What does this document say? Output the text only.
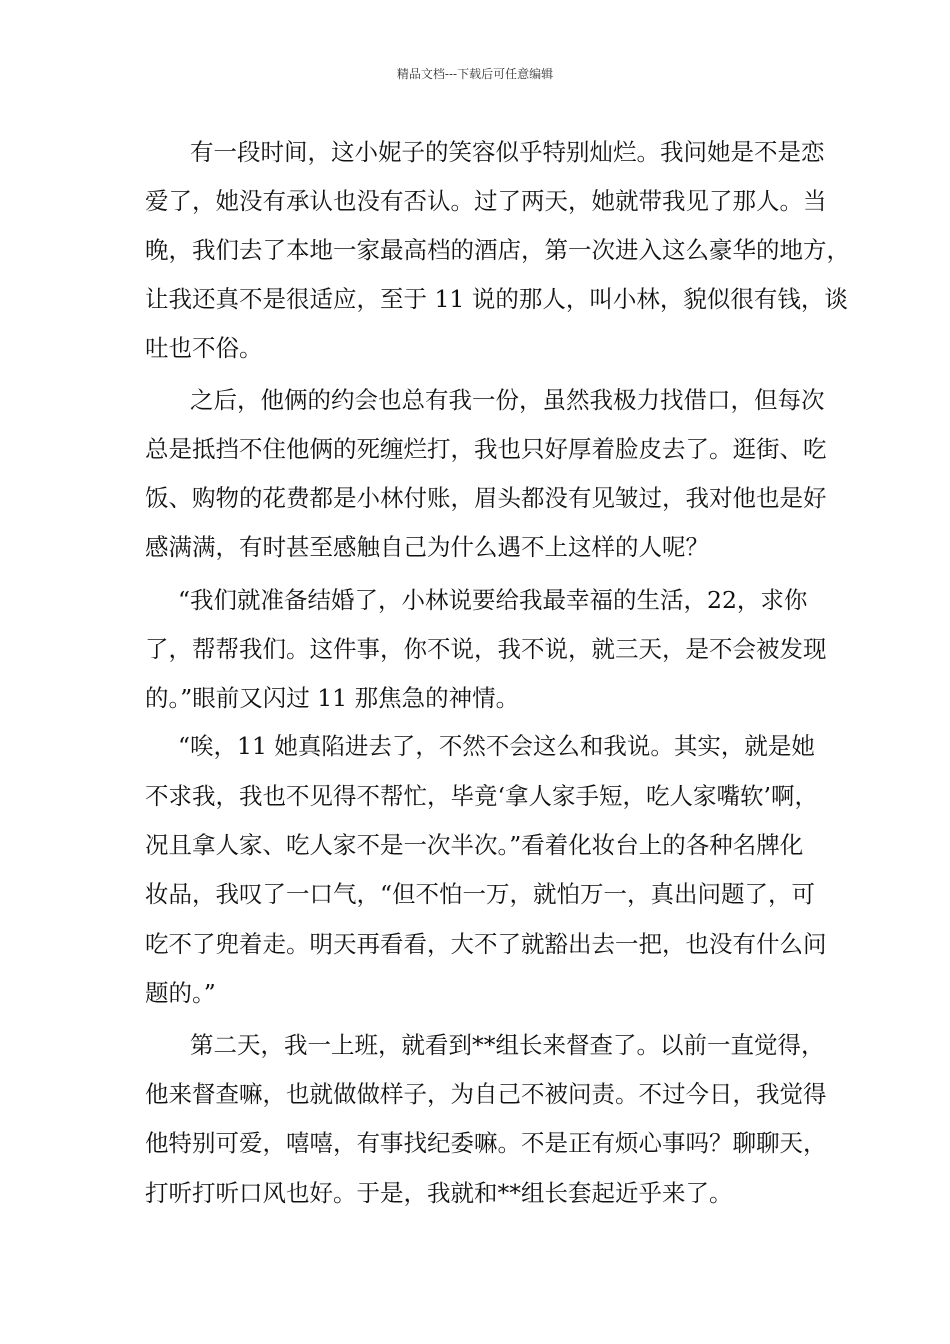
精品文档---下载后可任意编辑
有一段时间，这小妮子的笑容似乎特别灿烂。我问她是不是恋
爱了，她没有承认也没有否认。过了两天，她就带我见了那人。当
晚，我们去了本地一家最高档的酒店，第一次进入这么豪华的地方，
让我还真不是很适应，至于 11 说的那人，叫小林，貌似很有钱，谈
吐也不俗。
之后，他俩的约会也总有我一份，虽然我极力找借口，但每次
总是抵挡不住他俩的死缠烂打，我也只好厚着脸皮去了。逛街、吃
饭、购物的花费都是小林付账，眉头都没有见皱过，我对他也是好
感满满，有时甚至感触自己为什么遇不上这样的人呢？
“我们就准备结婚了，小林说要给我最幸福的生活，22，求你
了，帮帮我们。这件事，你不说，我不说，就三天，是不会被发现
的。”眼前又闪过 11 那焦急的神情。
“唉，11 她真陷进去了，不然不会这么和我说。其实，就是她
不求我，我也不见得不帮忙，毕竟‘拿人家手短，吃人家嘴软’啊，
况且拿人家、吃人家不是一次半次。”看着化妆台上的各种名牌化
妆品，我叹了一口气，“但不怕一万，就怕万一，真出问题了，可
吃不了兜着走。明天再看看，大不了就豁出去一把，也没有什么问
题的。”
第二天，我一上班，就看到**组长来督查了。以前一直觉得，
他来督查嘛，也就做做样子，为自己不被问责。不过今日，我觉得
他特别可爱，嘻嘻，有事找纪委嘛。不是正有烦心事吗？聊聊天，
打听打听口风也好。于是，我就和**组长套起近乎来了。
